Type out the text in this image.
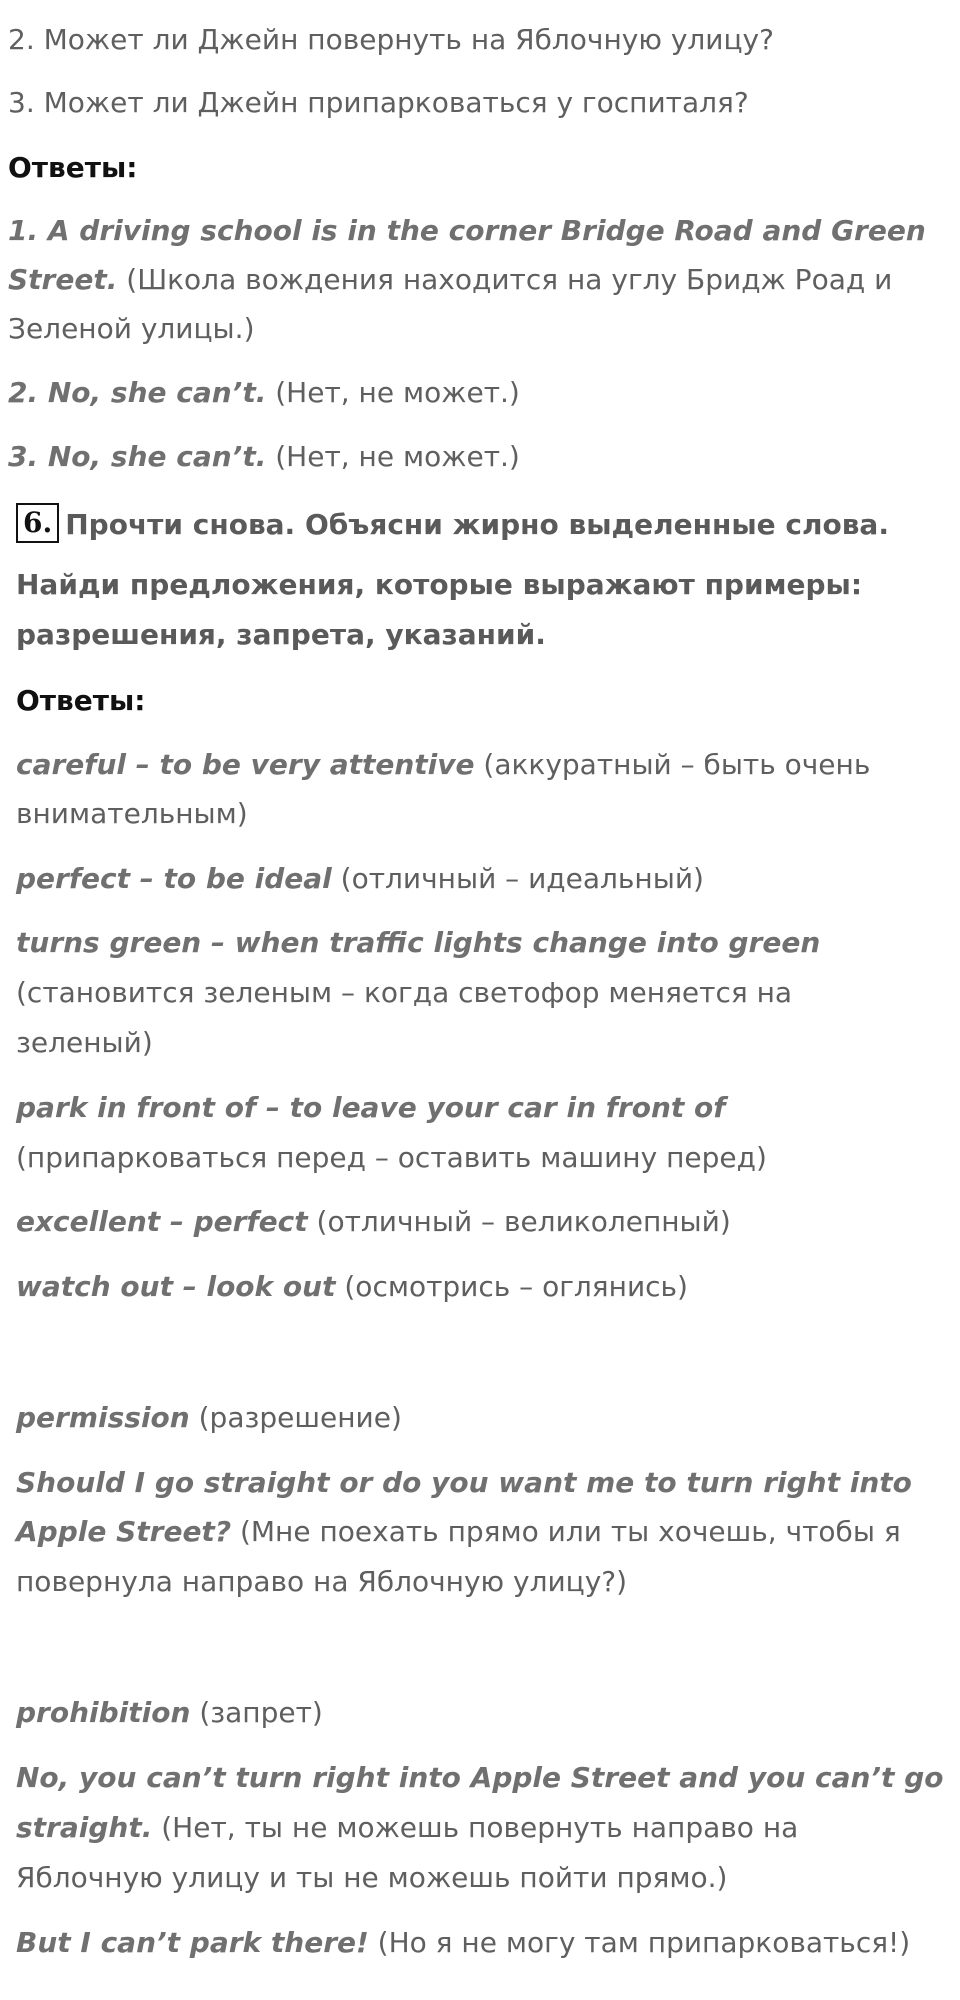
2. Может ли Джейн повернуть на Яблочную улицу?
3. Может ли Джейн припарковаться у госпиталя?
Ответы:
1. A driving school is in the corner Bridge Road and Green
Street. (Школа вождения находится на углу Бридж Роад и
Зеленой улицы.)
2. No, she can’t. (Нет, не может.)
3. No, she can’t. (Нет, не может.)
6. Прочти снова. Объясни жирно выделенные слова.
Найди предложения, которые выражают примеры:
разрешения, запрета, указаний.
Ответы:
careful – to be very attentive (аккуратный – быть очень
внимательным)
perfect – to be ideal (отличный – идеальный)
turns green – when traffic lights change into green
(становится зеленым – когда светофор меняется на
зеленый)
park in front of – to leave your car in front of
(припарковаться перед – оставить машину перед)
excellent – perfect (отличный – великолепный)
watch out – look out (осмотрись – оглянись)
permission (разрешение)
Should I go straight or do you want me to turn right into
Apple Street? (Мне поехать прямо или ты хочешь, чтобы я
повернула направо на Яблочную улицу?)
prohibition (запрет)
No, you can’t turn right into Apple Street and you can’t go
straight. (Нет, ты не можешь повернуть направо на
Яблочную улицу и ты не можешь пойти прямо.)
But I can’t park there! (Но я не могу там припарковаться!)
